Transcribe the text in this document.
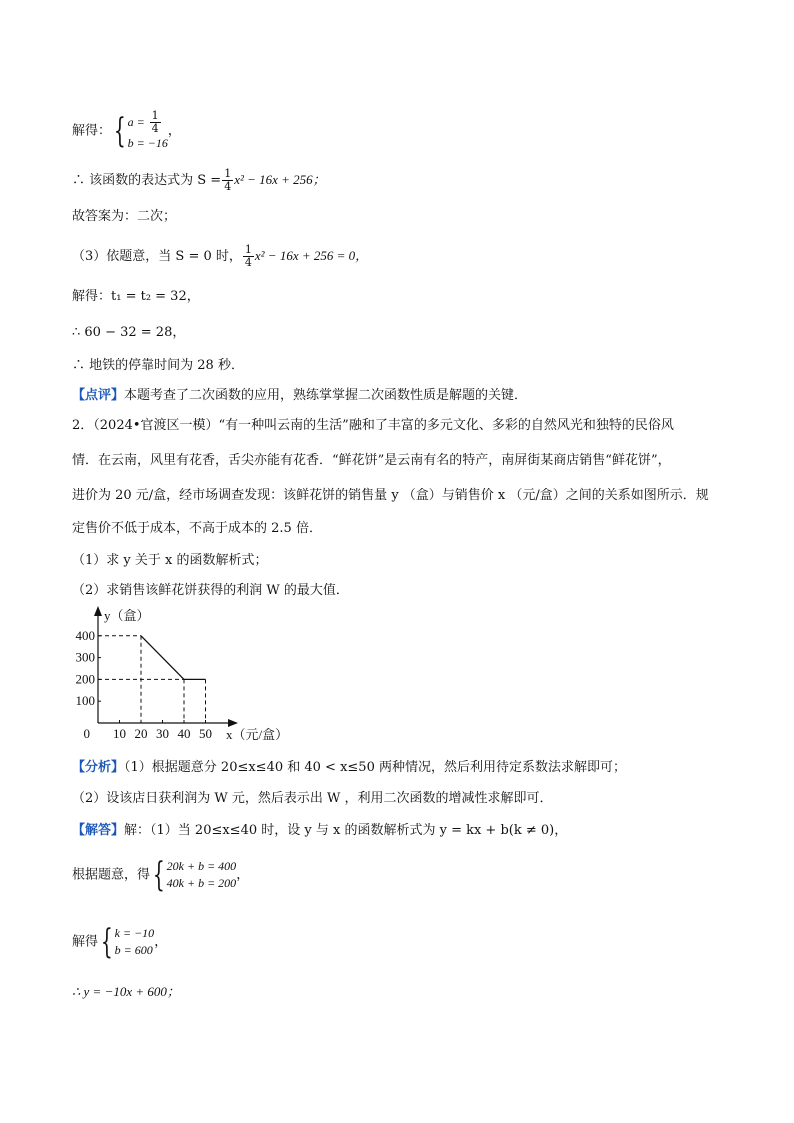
解得：{ $a = \frac{1}{4}$
b = −16
，
∴ 该函数的表达式为 $S = \frac{1}{4} x^2 - 16x + 256$；
故答案为：二次；
（3）依题意，当 S = 0 时， $\frac{1}{4} x^2 - 16x + 256 = 0$，
解得：t₁ = t₂ = 32，
∴ 60 − 32 = 28，
∴ 地铁的停靠时间为 28 秒．
【点评】本题考查了二次函数的应用，熟练掌掌握二次函数性质是解题的关键．
2．（2024•官渡区一模）“有一种叫云南的生活”融和了丰富的多元文化、多彩的自然风光和独特的民俗风
情．在云南，风里有花香，舌尖亦能有花香．“鲜花饼”是云南有名的特产，南屏街某商店销售“鲜花饼”，
进价为 20 元/盒，经市场调查发现：该鲜花饼的销售量 y （盒）与销售价 x （元/盒）之间的关系如图所示．规
定售价不低于成本，不高于成本的 2.5 倍．
（1）求 y 关于 x 的函数解析式；
（2）求销售该鲜花饼获得的利润 W 的最大值．
10 20 30 40 50
400
300
200
100
0
y（盒）
x（元/盒）
【分析】（1）根据题意分 20≤x≤40 和 40 < x≤50 两种情况，然后利用待定系数法求解即可；
（2）设该店日获利润为 W 元，然后表示出 W ，利用二次函数的增减性求解即可．
【解答】解：（1）当 20≤x≤40 时，设 y 与 x 的函数解析式为 y = kx + b(k ≠ 0)，
根据题意，得{ 20k + b = 400
40k + b = 200
，
解得{ k = −10
b = 600
，
∴ y = −10x + 600；
